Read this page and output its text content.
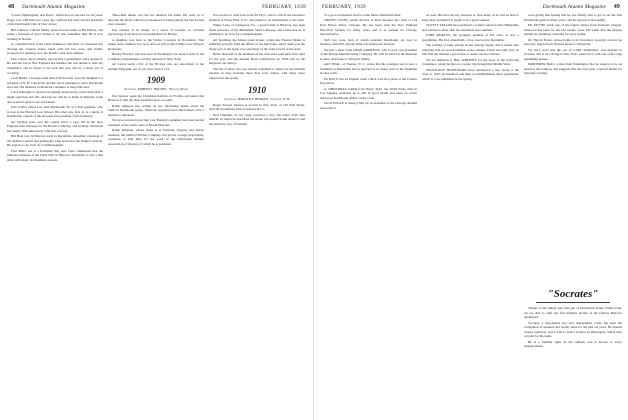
48 Dartmouth Alumni Magazine	FEBRUARY, 1939

"Lotus, Nightingales, and Poets," which he now has had for six years. Roger was with him four years ago. Gifford has been elected president of the Dartmouth Club of New Jersey.

Bill Johnson, with his family, spent several weeks at Bar Harbor, and sends a message of good wishes to all who remember him. He is now residing in Boston.

A communication from Dana Parkinson describes an extended trip through the western states, taken with his two sons, and further prospects for pushing on to the Pacific coast next summer.

Pete Cairns, out in Omaha, reports he's a grandfather since August 8. He sent his son in New England last summer but was unable to find any classmates, and he hopes to be back this year and do a better job of covering.

Cecil Butler, a foreign-trade man from Tacoma, says his daughter is a graduate of N. H. University and his son is planning to enter Dartmouth next fall. His business in Montreal continues to keep him busy.

Larry Kittredge is reported as getting along nicely on the farm after a slight operation last fall, and says he will be at home in Reunion week and would be glad to see old friends.

Jack Clark's oldest son, John Dartmouth '32, is a Yale graduate, who is now at the Harvard Law School. His other son, Jack Jr., is a junior at Dartmouth, captain of the ski team and president of his fraternity.

Art Wyman goes over the course twice a year. He is the New England sales manager for the Brown Company, and recently celebrated his twenty-fifth anniversary with that concern.

Bill Hale now in Hanover early in December, attending a meeting of the Alumni Council and getting the wing spread for the Winter Carnival. He expects to be back for Commencement.

Fred Mills' son is a freshman this year. Fred commented that the initiation banquet of the Theta Delt in Hanover, December 3, was a fine affair with many old members present.

Theta-Deli dinner, but did not mention his name. He went on to describe the affair, which he pronounced as being among the best he had ever attended.

Pop Chaney is in charge of a series of lectures on wartime psychology at the Red Cross headquarters in Boston.

A daughter was born to the Walter Lovejoys in November. This makes three children, two boys and one girl, in this family, now living in Rochester.

Barney Howard, who has been in Washington for several years in the Commerce Department, recently returned to New York.

Art Lewis sends a list of the 38 men who are subscribers to the Alumni Magazine out of our class total of 134.

1909
Secretary, ROBERT J. HOLMES · Bangor, Maine

Jim Spencer spent the Christmas holidays in Florida, and states that Hanover is still the most beautiful place on earth.

Ralph Simpson has written us two interesting letters about the Stafford Dartmouth group, which he organized and which meets once a month for luncheon.

We have received word that Lew Bradley's daughter has been elected president of the senior class at Mount Holyoke.

Ralph Simpson, whose home is at Portland, Oregon, and whose business, the Stafford Timber Company, has grown to large proportions, continues to find time for the work of the Dartmouth Alumni Association of Oregon, of which he is president.

We received a brief note from Ed Hoyt, who is still in the insurance business at Sioux Falls, S. D., and wishes to be remembered to the class.

Walter Lane, of Johnstown, Pa., a good friend of Hanover, has been made secretary of the Bethlehem Steel Company, and writes that he is planning to be back for Commencement.

Art Spalding, the Maine bond broker, writes that Eastern Maine is suffering severely from the effects of the hurricane, which destroyed the larger part of the apple crop and many of the older forests of the state.

Better than half of the members of the class have paid their class dues for the year, and the Alumni Fund contribution for 1939 will be the largest in our history.

The list of those who are already scheduled to return for the thirtieth reunion in June includes more than forty names, with many more expected in the spring.

1910
Secretary, HAROLD P. HINMAN · Concord, N. H.

Roger Stewart Jenness is located in New York, at 120 Wall Street, with the investment firm of Jenness & Co.

Ned Chandler, of our class, received a very fine letter from Dan Merrill, in which he described his recent trip around South America and his return by way of Panama.

FEBRUARY, 1939	Dartmouth Alumni Magazine 49

of a good red-headed and for some future Dartmouth man.

SIDNEY LYONS, tennis devotee of three decades ago, lives at 134 East Moore Drive, Chicago. He has been with the New England Electrical System for many years and is at present its Chicago representative.

Sid's two sons, both of whom attended Dartmouth, are now in business with him, and the elder was married in October.

We had a letter from DEAN ANDREWS, who is now vice-president of the Boston Manufacturing Company. He will be back for the Reunion in June, and hopes to bring his family.

ART NEAL, of Trenton, N. J., writes that his youngest son is now a freshman at Dartmouth and is reported to be doing well on the freshman hockey team.

PA DACY has an English setter which won first prize at the Eastern Dog Show.

A CHRISTMAS CARD from Harry Tyler, the Wells Fargo man in Los Angeles, indicates he is still in good health and takes an active interest in Dartmouth affairs on the coast.

JACK ENGLE is doing a fine job as president of the Chicago Alumni Association.

we sent. But now the big question is, how many of us will be able to keep those promises? It ought to be a great reunion.

SCOTTY TAYLOR has purchased a country estate in New Hampshire and will move there after his retirement next summer.

JOHN MORLEY, the youngest member of the class, is now a grandfather. His first grandchild, a boy, was born in December.

The retiring of some among us has already begun, and it seems only yesterday that we were freshmen on the campus. Those who still carry on will find the reunion a good time to renew old associations.

We are indebted to HAL WHITNEY for the news of the following classmates, whom he met on a recent trip through the Middle West.

SOCIOLOGY PROFESSORS have announced a new study of the class of 1910, its members and their accomplishments since graduation, which is to be published in the spring.

were giving that feeling that he was finally able to get to see his first Dartmouth game in many years, and he enjoyed it thoroughly.

ED KETTIE sends one of his regular letters from Portland, Oregon, where he has been for the last twenty years. He writes that the Oregon alumni are planning a meeting for early spring.

Dr. Harold Foster, whose home is in Cleveland, recently received an honorary degree from Western Reserve University.

We have word that the son of CARL RANDALL was married in October, and is now living in New York, where he is with one of the large publishing houses.

MORTIMER HALL writes from Washington that he expects to be on hand for the reunion, and suggests that the class plan a special dinner for Saturday evening.

"Socrates"

Thanks to the timely and able pen of Dartmouth Senior Parker Paul, we are able to offer the first intimate picture of the famous Hanover quadruped.

Socrates, a long-haired and very independent collie, has been the companion of students and faculty alike for the past six years. He attends classes regularly, and is said to prefer lectures in philosophy, which may account for his name.

He is a familiar sight on the campus, and is known to every undergraduate.
